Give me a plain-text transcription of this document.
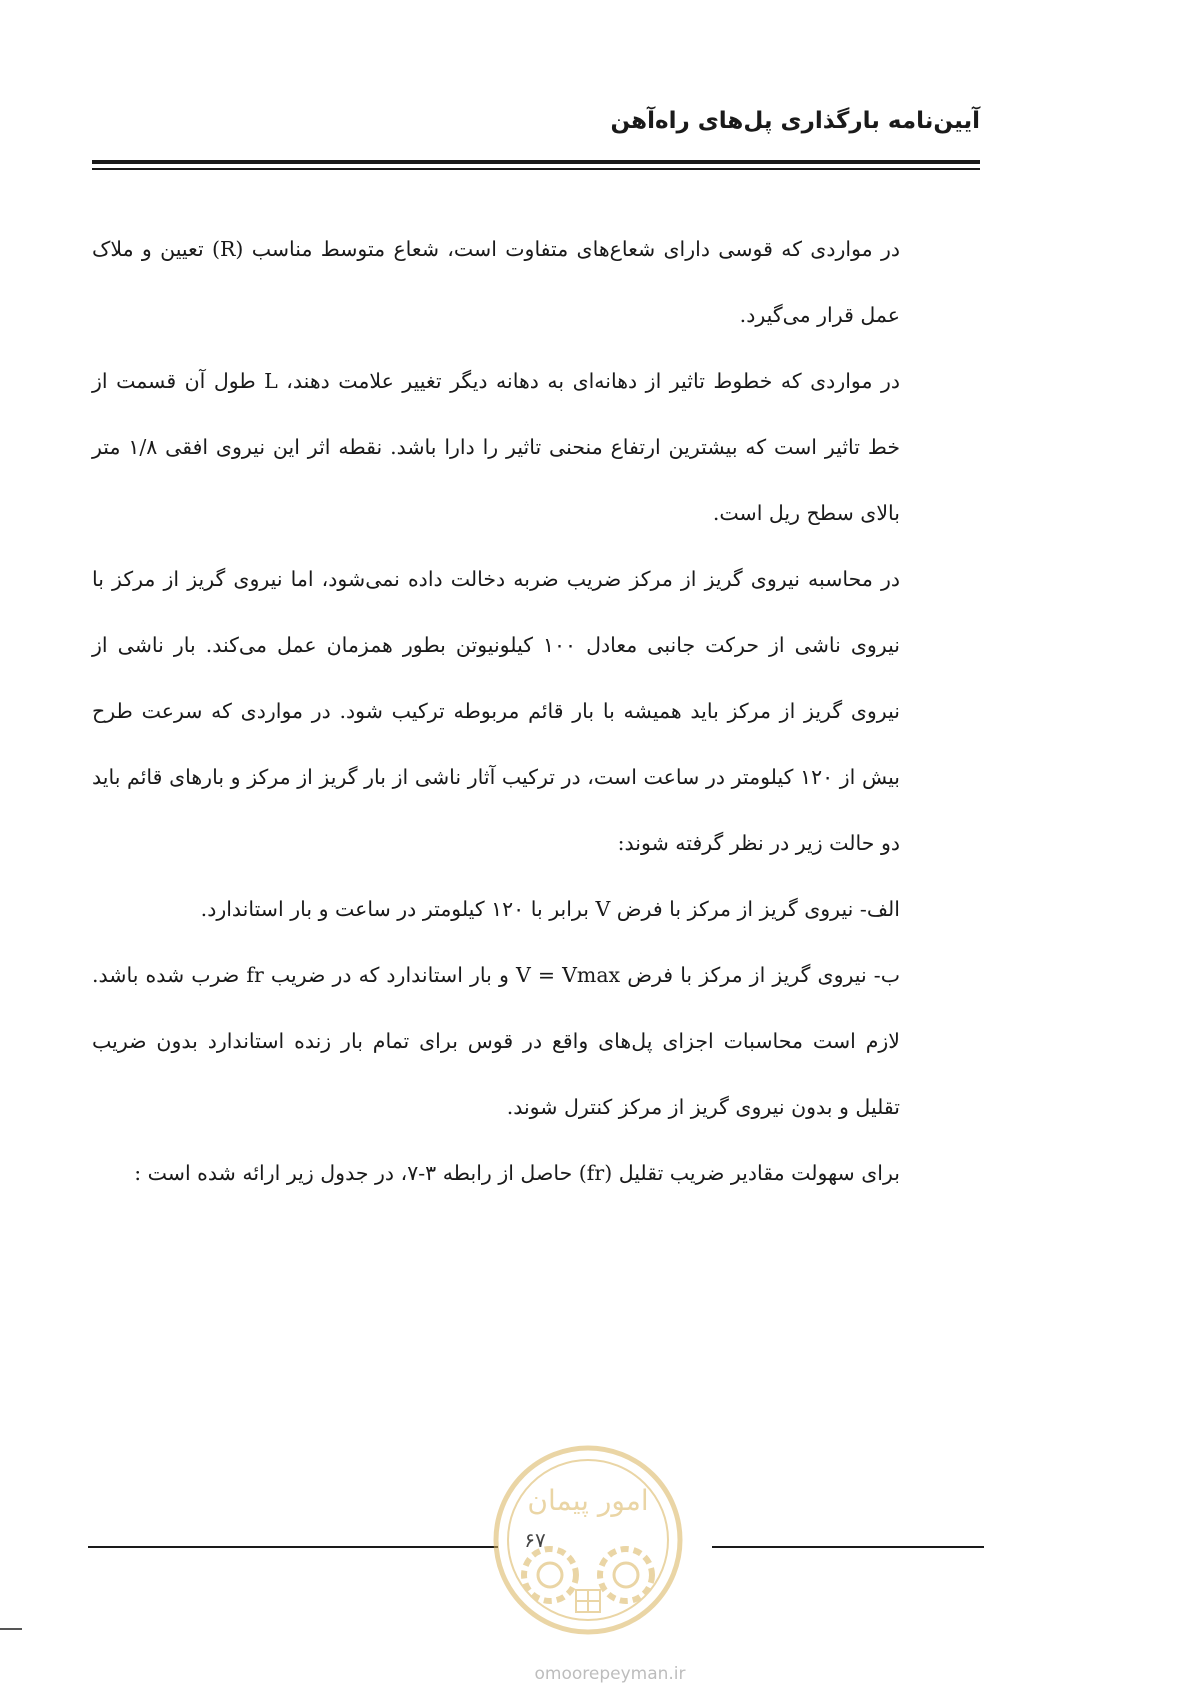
آیین‌نامه بارگذاری پل‌های راه‌آهن

در مواردی که قوسی دارای شعاع‌های متفاوت است، شعاع متوسط مناسب (R) تعیین و ملاک عمل قرار می‌گیرد.

در مواردی که خطوط تاثیر از دهانه‌ای به دهانه دیگر تغییر علامت دهند، L طول آن قسمت از خط تاثیر است که بیشترین ارتفاع منحنی تاثیر را دارا باشد. نقطه اثر این نیروی افقی ۱/۸ متر بالای سطح ریل است.

در محاسبه نیروی گریز از مرکز ضریب ضربه دخالت داده نمی‌شود، اما نیروی گریز از مرکز با نیروی ناشی از حرکت جانبی معادل ۱۰۰ کیلونیوتن بطور همزمان عمل می‌کند. بار ناشی از نیروی گریز از مرکز باید همیشه با بار قائم مربوطه ترکیب شود. در مواردی که سرعت طرح بیش از ۱۲۰ کیلومتر در ساعت است، در ترکیب آثار ناشی از بار گریز از مرکز و بارهای قائم باید دو حالت زیر در نظر گرفته شوند:

الف- نیروی گریز از مرکز با فرض V برابر با ۱۲۰ کیلومتر در ساعت و بار استاندارد.

ب- نیروی گریز از مرکز با فرض V = Vmax و بار استاندارد که در ضریب fr ضرب شده باشد. لازم است محاسبات اجزای پل‌های واقع در قوس برای تمام بار زنده استاندارد بدون ضریب تقلیل و بدون نیروی گریز از مرکز کنترل شوند.

برای سهولت مقادیر ضریب تقلیل (fr) حاصل از رابطه ۳-۷، در جدول زیر ارائه شده است :

۶۷
امور پیمان
omoorepeyman.ir
